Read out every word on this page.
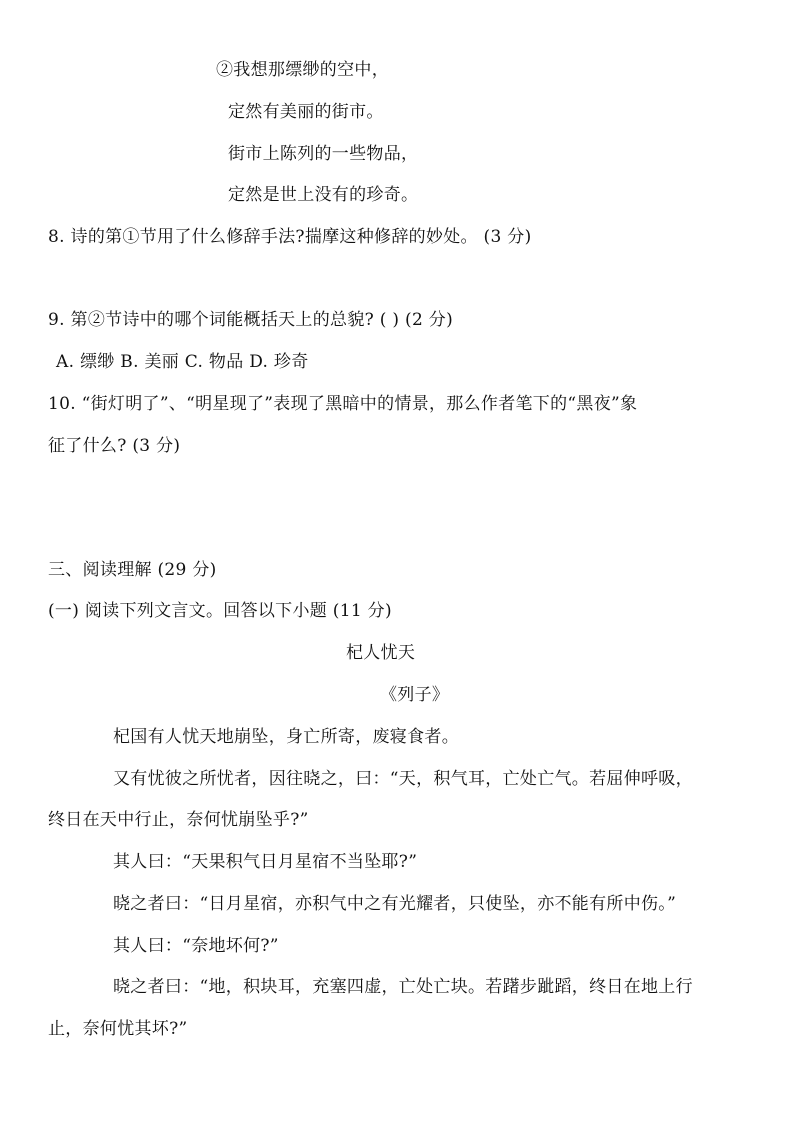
②我想那缥缈的空中，
定然有美丽的街市。
街市上陈列的一些物品，
定然是世上没有的珍奇。
8. 诗的第①节用了什么修辞手法?揣摩这种修辞的妙处。 (3 分)
9. 第②节诗中的哪个词能概括天上的总貌? ( ) (2 分)
A. 缥缈 B. 美丽 C. 物品 D. 珍奇
10. “街灯明了”、“明星现了”表现了黑暗中的情景，那么作者笔下的“黑夜”象
征了什么? (3 分)
三、阅读理解 (29 分)
(一) 阅读下列文言文。回答以下小题 (11 分)
杞人忧天
《列子》
杞国有人忧天地崩坠，身亡所寄，废寝食者。
又有忧彼之所忧者，因往晓之，曰：“天，积气耳，亡处亡气。若屈伸呼吸，
终日在天中行止，奈何忧崩坠乎?”
其人曰：“天果积气日月星宿不当坠耶?”
晓之者曰：“日月星宿，亦积气中之有光耀者，只使坠，亦不能有所中伤。”
其人曰：“奈地坏何?”
晓之者曰：“地，积块耳，充塞四虚，亡处亡块。若躇步跐蹈，终日在地上行
止，奈何忧其坏?”
